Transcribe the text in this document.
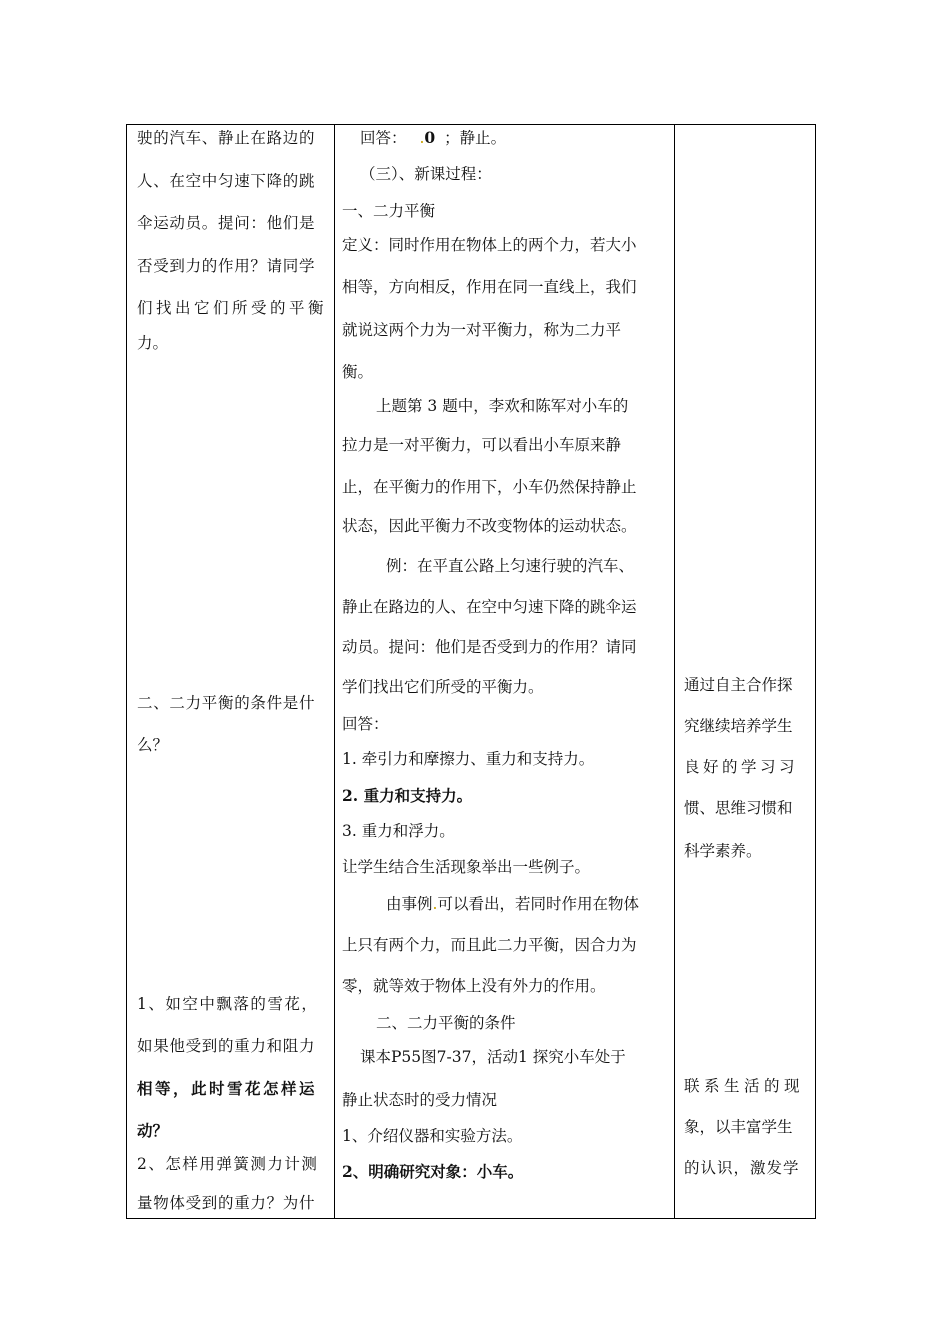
驶的汽车、静止在路边的
人、在空中匀速下降的跳
伞运动员。提问：他们是
否受到力的作用？请同学
们找出它们所受的平衡
力。
二、二力平衡的条件是什
么？
1、如空中飘落的雪花，
如果他受到的重力和阻力
相等，此时雪花怎样运
动？
2、怎样用弹簧测力计测
量物体受到的重力？为什
回答： .0 ；静止。
（三）、新课过程：
一、二力平衡
定义：同时作用在物体上的两个力，若大小
相等，方向相反，作用在同一直线上，我们
就说这两个力为一对平衡力，称为二力平
衡。
上题第 3 题中，李欢和陈军对小车的
拉力是一对平衡力，可以看出小车原来静
止，在平衡力的作用下，小车仍然保持静止
状态，因此平衡力不改变物体的运动状态。
例：在平直公路上匀速行驶的汽车、
静止在路边的人、在空中匀速下降的跳伞运
动员。提问：他们是否受到力的作用？请同
学们找出它们所受的平衡力。
回答：
1. 牵引力和摩擦力、重力和支持力。
2. 重力和支持力。
3. 重力和浮力。
让学生结合生活现象举出一些例子。
由事例.可以看出，若同时作用在物体
上只有两个力，而且此二力平衡，因合力为
零，就等效于物体上没有外力的作用。
二、二力平衡的条件
课本P55图7-37，活动1 探究小车处于
静止状态时的受力情况
1、介绍仪器和实验方法。
2、明确研究对象：小车。
通过自主合作探
究继续培养学生
良好的学习习
惯、思维习惯和
科学素养。
联系生活的现
象，以丰富学生
的认识，激发学
